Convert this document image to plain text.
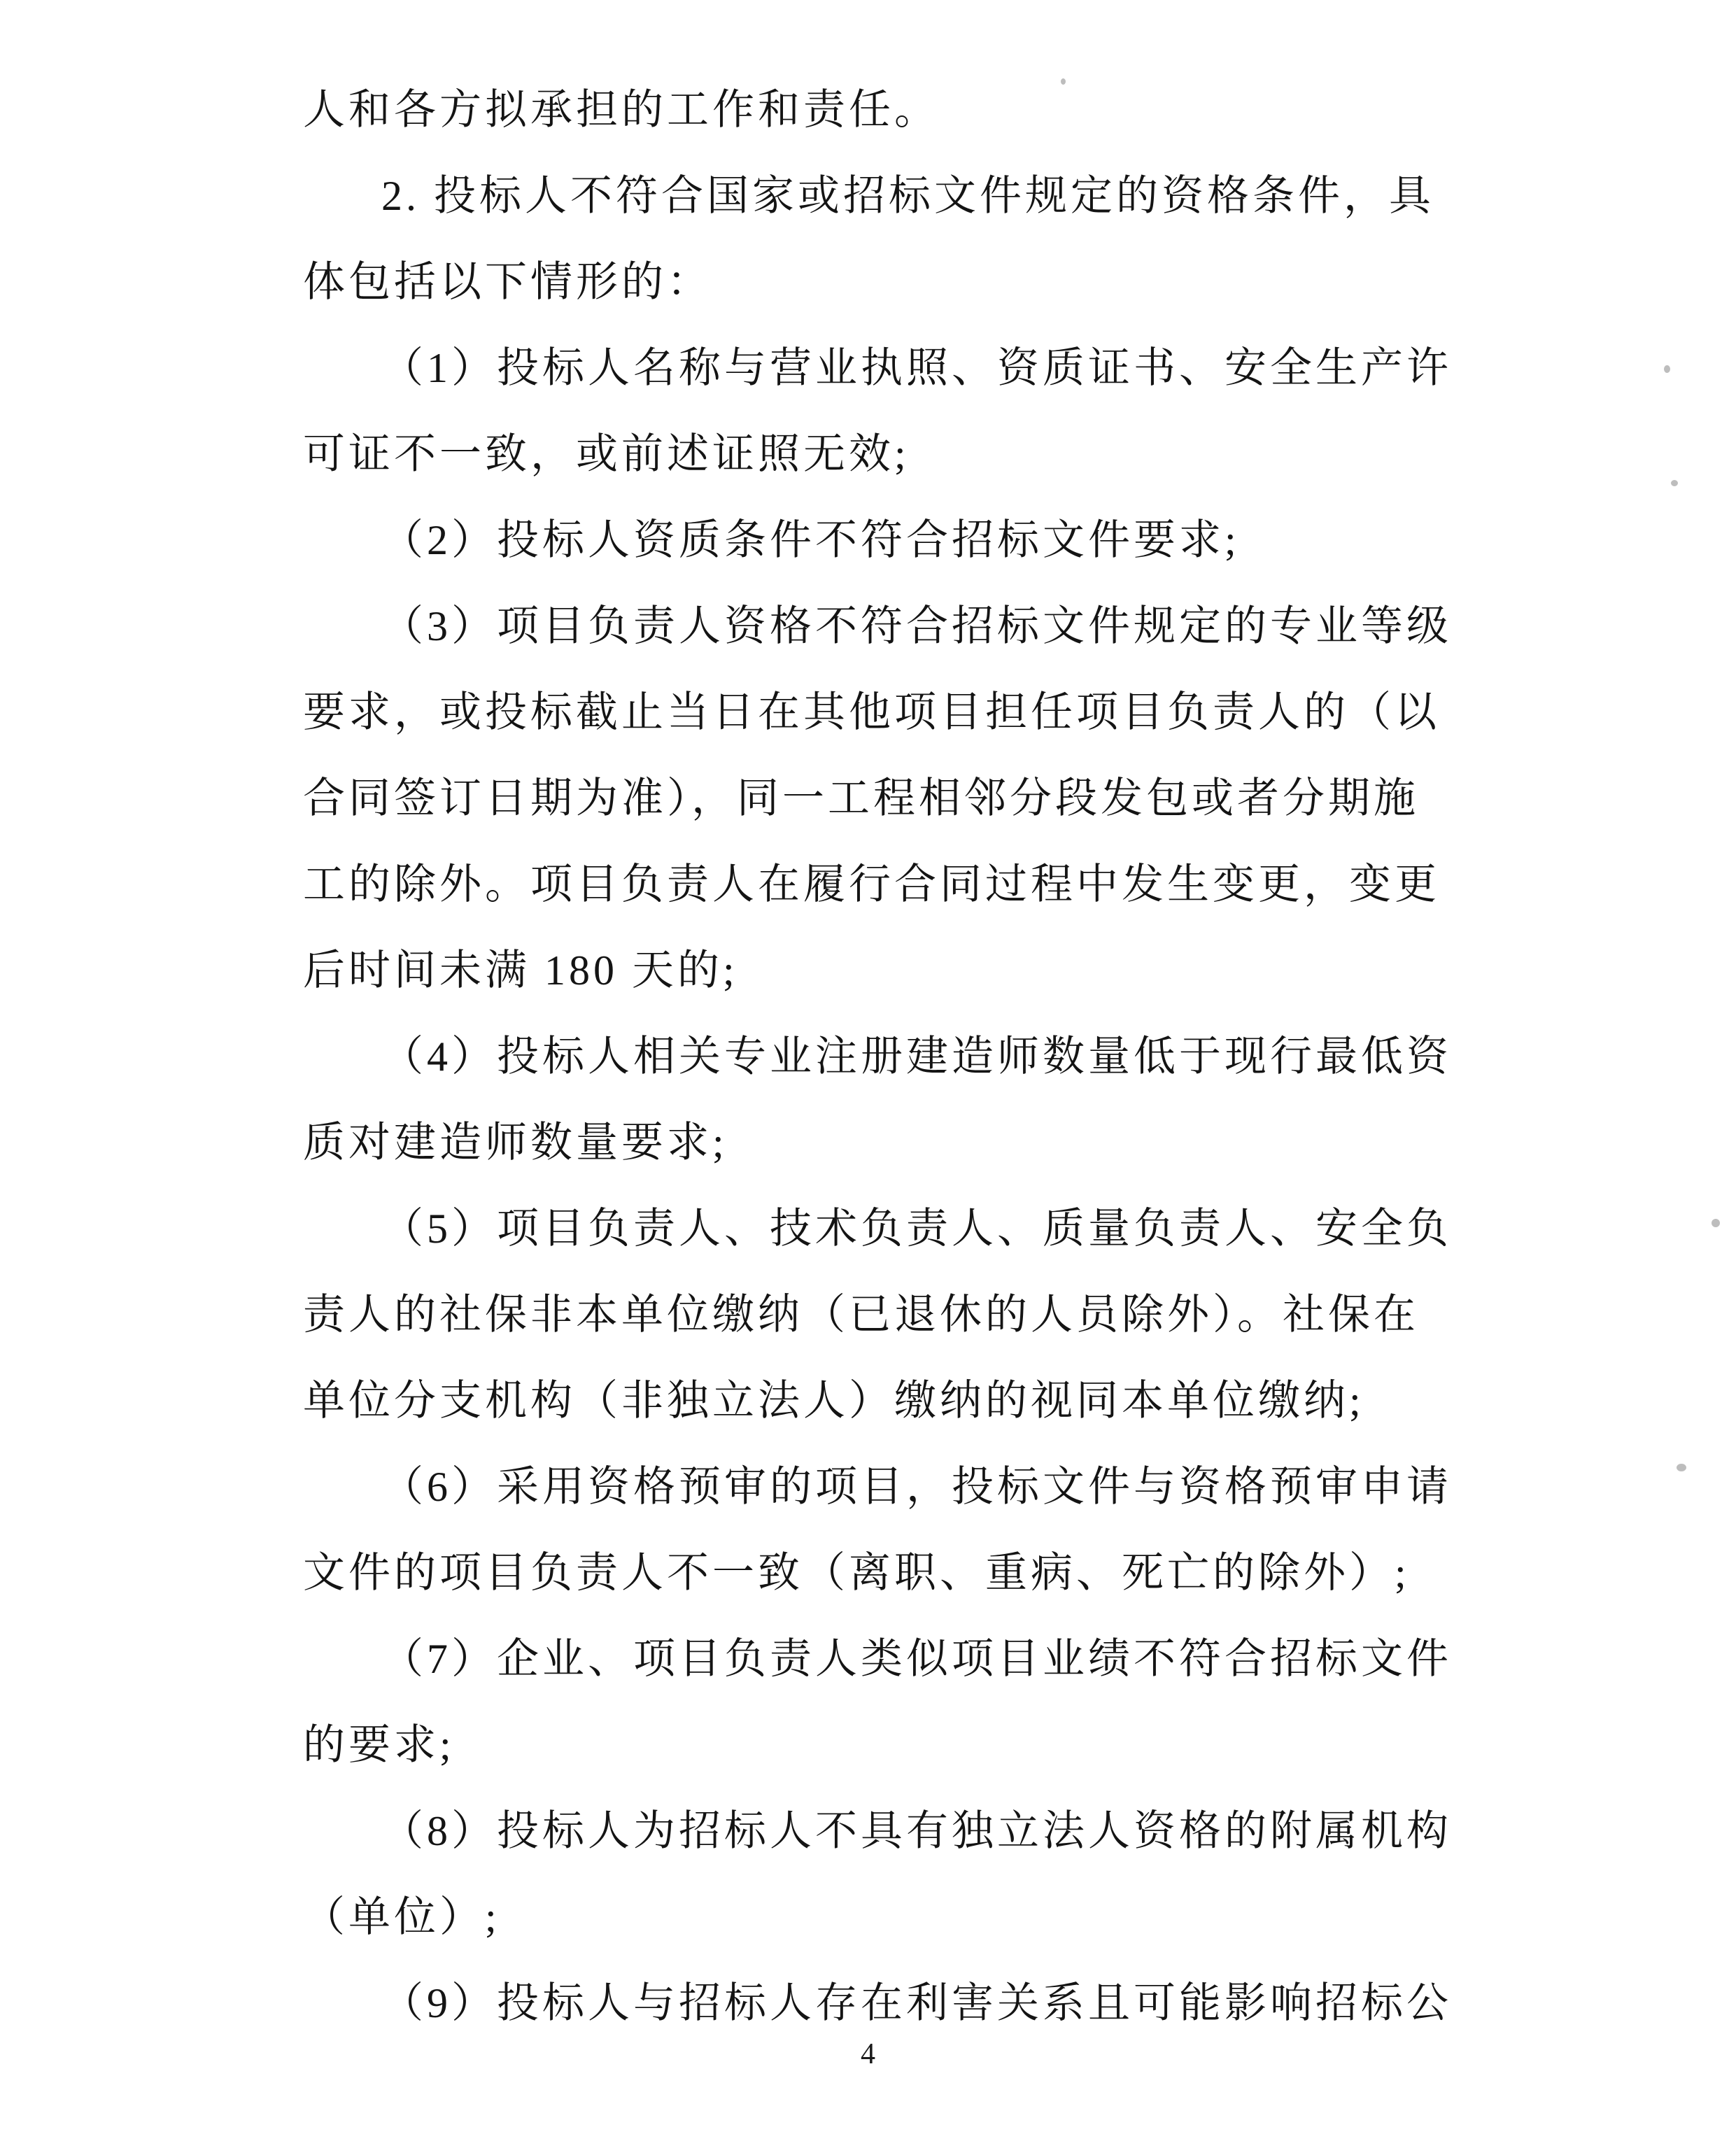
人和各方拟承担的工作和责任。
2. 投标人不符合国家或招标文件规定的资格条件，具
体包括以下情形的：
（1）投标人名称与营业执照、资质证书、安全生产许
可证不一致，或前述证照无效;
（2）投标人资质条件不符合招标文件要求;
（3）项目负责人资格不符合招标文件规定的专业等级
要求，或投标截止当日在其他项目担任项目负责人的（以
合同签订日期为准），同一工程相邻分段发包或者分期施
工的除外。项目负责人在履行合同过程中发生变更，变更
后时间未满 180 天的;
（4）投标人相关专业注册建造师数量低于现行最低资
质对建造师数量要求;
（5）项目负责人、技术负责人、质量负责人、安全负
责人的社保非本单位缴纳（已退休的人员除外）。社保在
单位分支机构（非独立法人）缴纳的视同本单位缴纳;
（6）采用资格预审的项目，投标文件与资格预审申请
文件的项目负责人不一致（离职、重病、死亡的除外）;
（7）企业、项目负责人类似项目业绩不符合招标文件
的要求;
（8）投标人为招标人不具有独立法人资格的附属机构
（单位）;
（9）投标人与招标人存在利害关系且可能影响招标公
4
